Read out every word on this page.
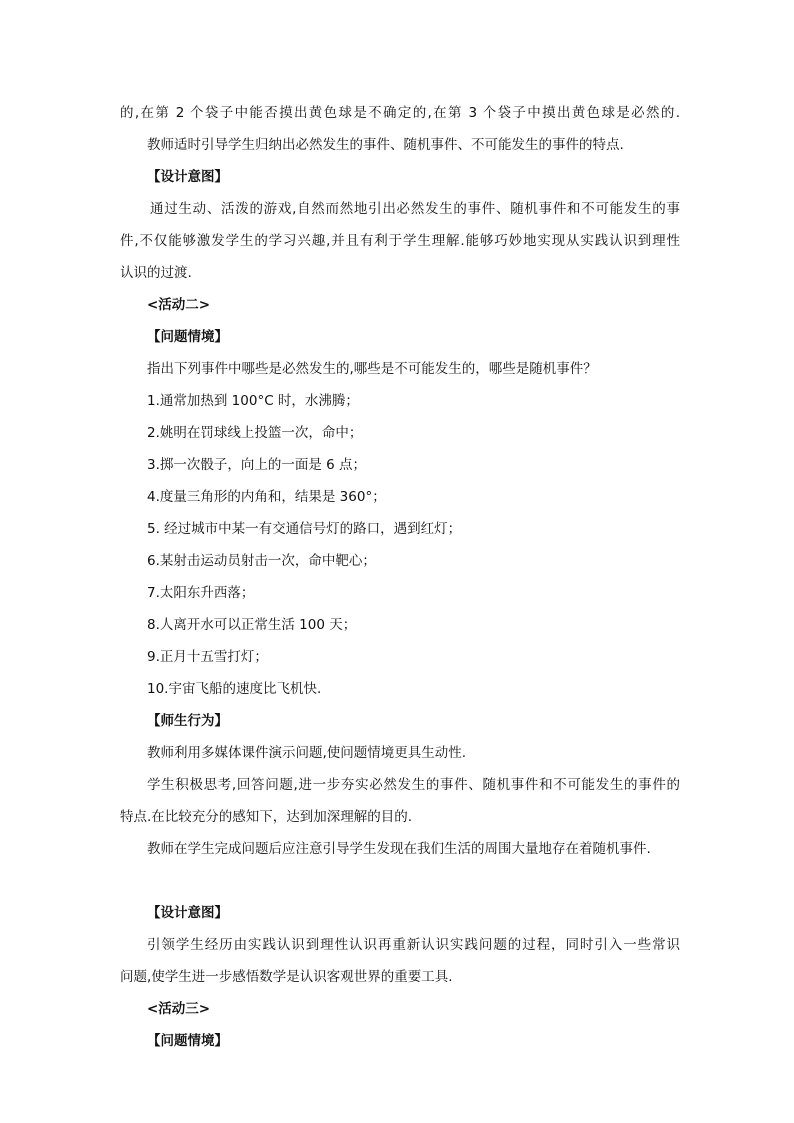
的,在第 2 个袋子中能否摸出黄色球是不确定的,在第 3 个袋子中摸出黄色球是必然的.
教师适时引导学生归纳出必然发生的事件、随机事件、不可能发生的事件的特点.
【设计意图】
通过生动、活泼的游戏,自然而然地引出必然发生的事件、随机事件和不可能发生的事
件,不仅能够激发学生的学习兴趣,并且有利于学生理解.能够巧妙地实现从实践认识到理性
认识的过渡.
<活动二>
【问题情境】
指出下列事件中哪些是必然发生的,哪些是不可能发生的，哪些是随机事件？
1.通常加热到 100°C 时，水沸腾；
2.姚明在罚球线上投篮一次，命中；
3.掷一次骰子，向上的一面是 6 点；
4.度量三角形的内角和，结果是 360°；
5. 经过城市中某一有交通信号灯的路口，遇到红灯；
6.某射击运动员射击一次，命中靶心；
7.太阳东升西落；
8.人离开水可以正常生活 100 天；
9.正月十五雪打灯；
10.宇宙飞船的速度比飞机快.
【师生行为】
教师利用多媒体课件演示问题,使问题情境更具生动性.
学生积极思考,回答问题,进一步夯实必然发生的事件、随机事件和不可能发生的事件的
特点.在比较充分的感知下，达到加深理解的目的.
教师在学生完成问题后应注意引导学生发现在我们生活的周围大量地存在着随机事件.
【设计意图】
引领学生经历由实践认识到理性认识再重新认识实践问题的过程，同时引入一些常识
问题,使学生进一步感悟数学是认识客观世界的重要工具.
<活动三>
【问题情境】
